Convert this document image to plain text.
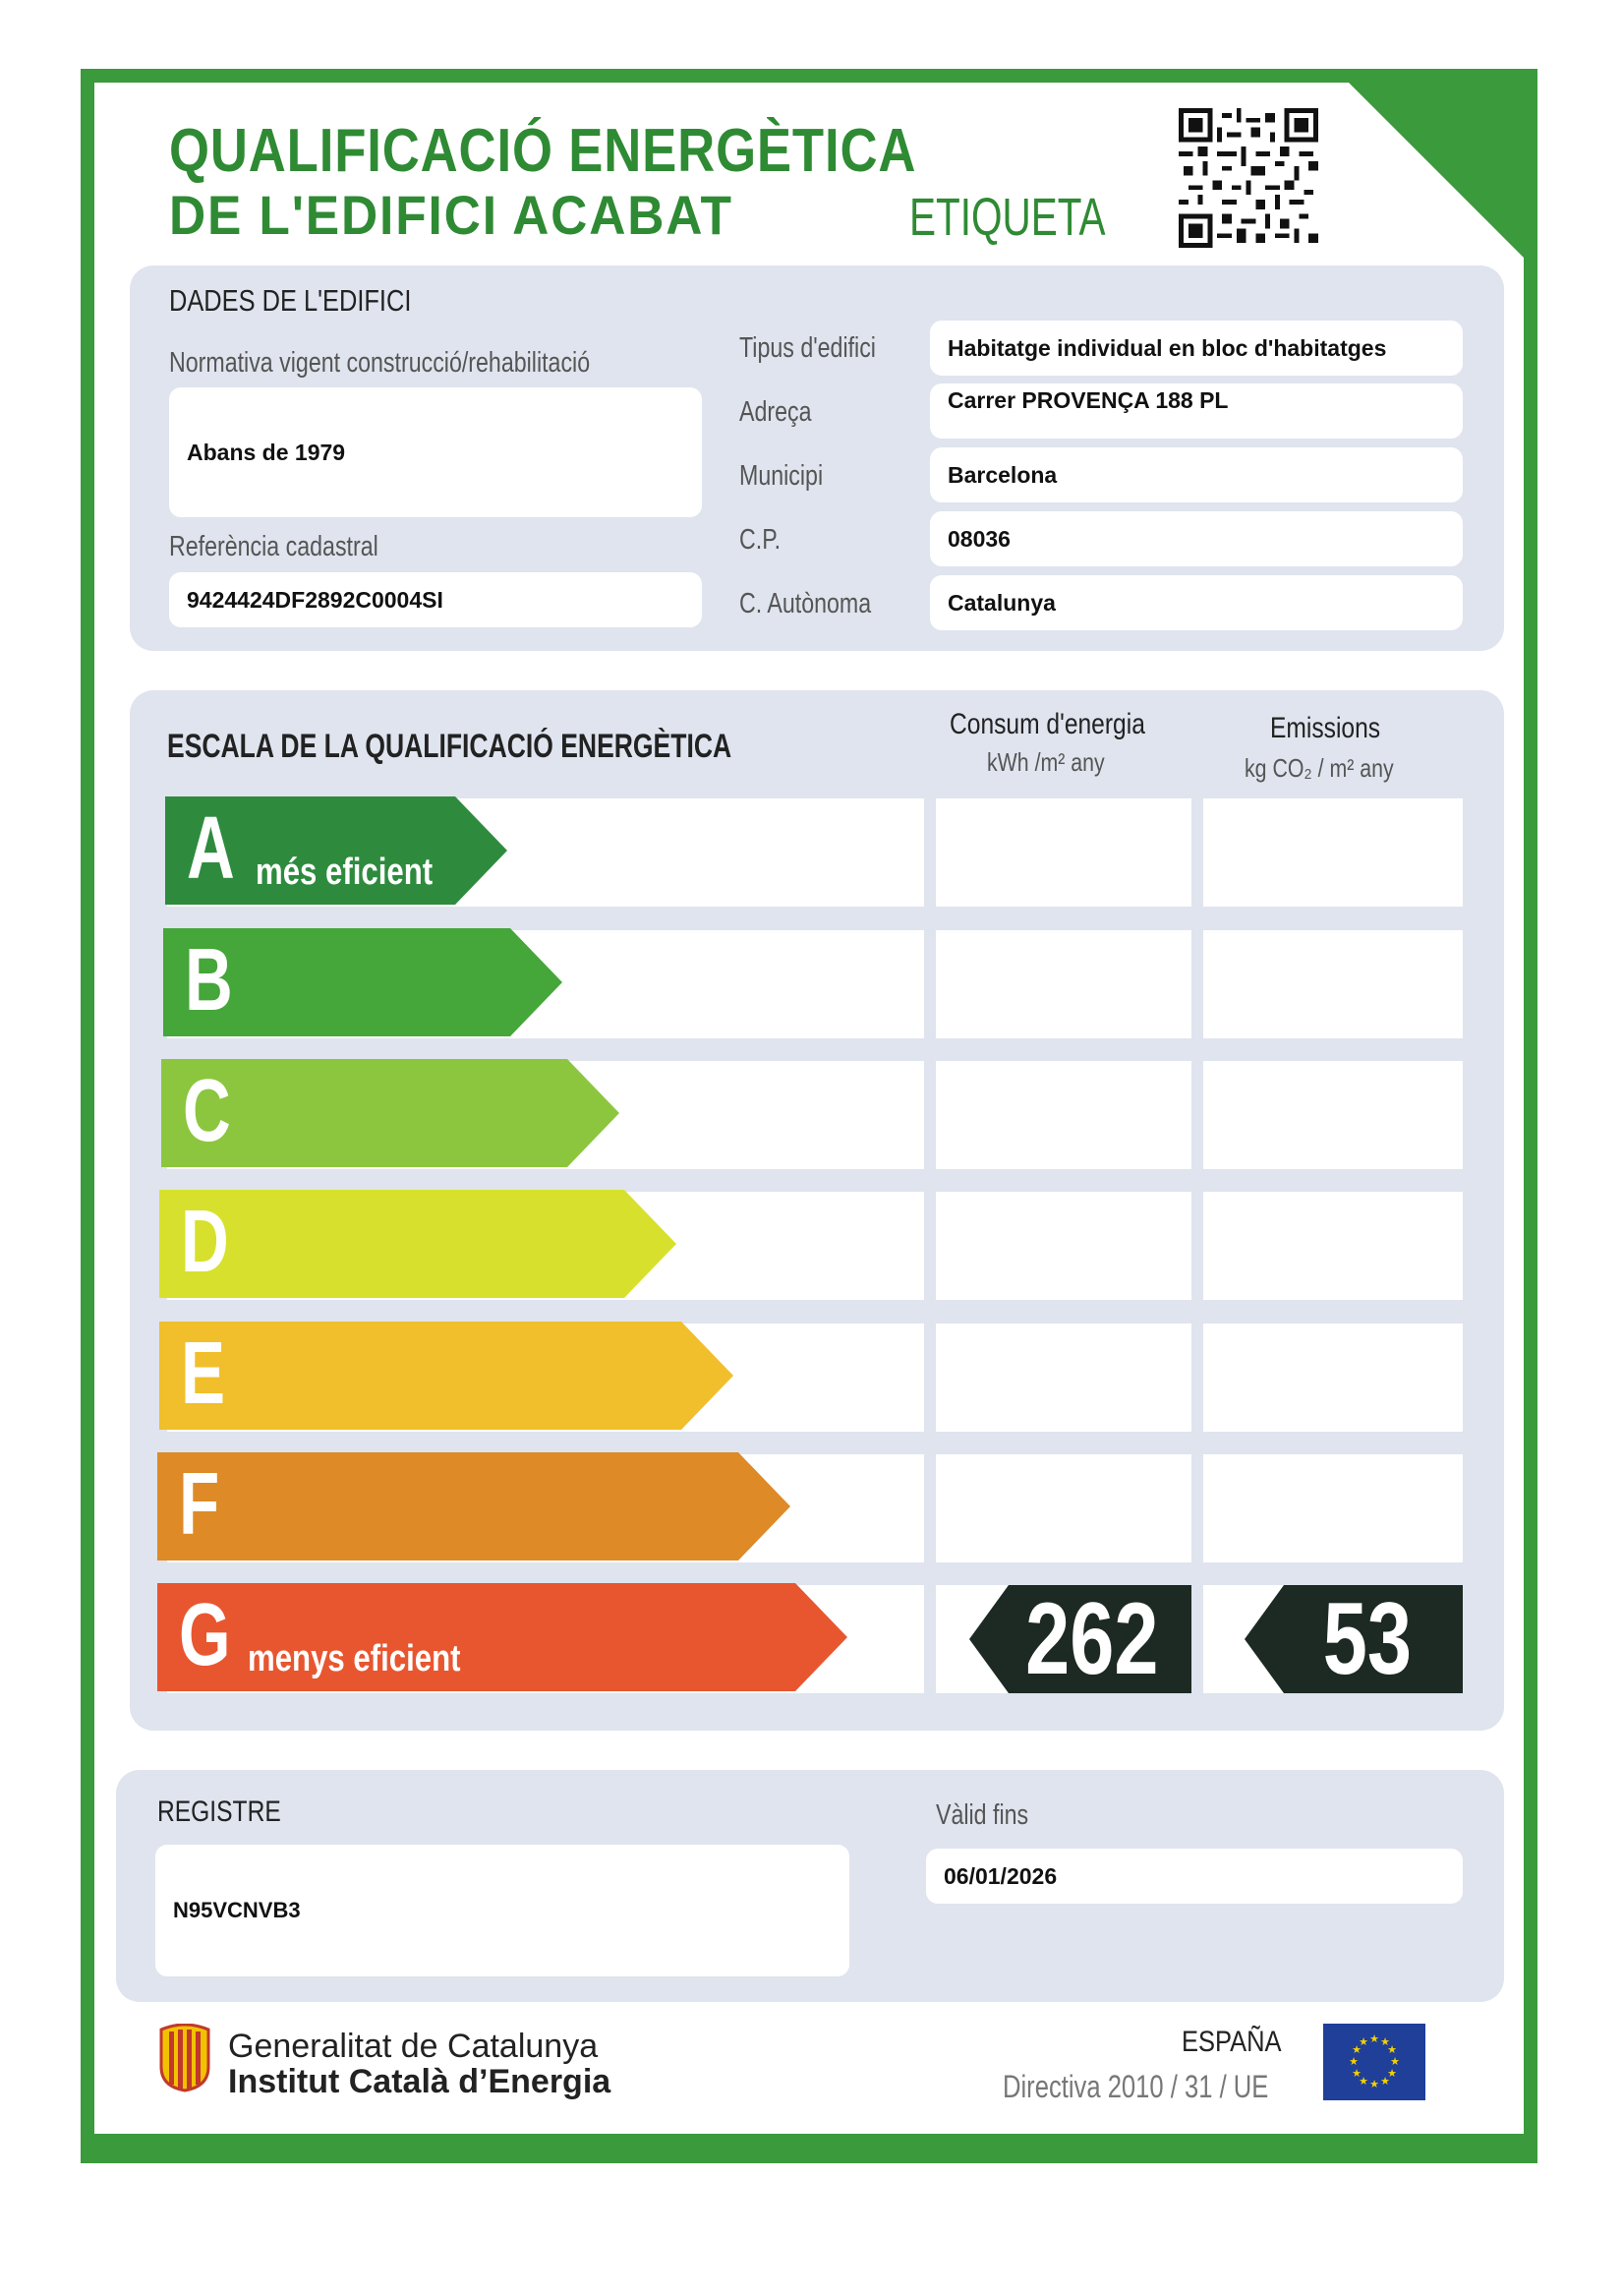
QUALIFICACIÓ ENERGÈTICA
DE L'EDIFICI ACABAT	ETIQUETA
DADES DE L'EDIFICI
Normativa vigent construcció/rehabilitació
Abans de 1979
Referència cadastral
9424424DF2892C0004SI
Tipus d'edifici
Adreça
Municipi
C.P.
C. Autònoma
Habitatge individual en bloc d'habitatges
Carrer PROVENÇA 188 PL
Barcelona
08036
Catalunya
ESCALA DE LA QUALIFICACIÓ ENERGÈTICA
Consum d'energia
kWh /m² any
Emissions
kg CO₂ / m² any
A més eficient
B
C
D
E
F
G menys eficient	262 53
REGISTRE
N95VCNVB3
Vàlid fins
06/01/2026
Generalitat de Catalunya
Institut Català d’Energia
ESPAÑA
Directiva 2010 / 31 / UE
★ ★
★
★
★
★
★
★
★
★
★
★
